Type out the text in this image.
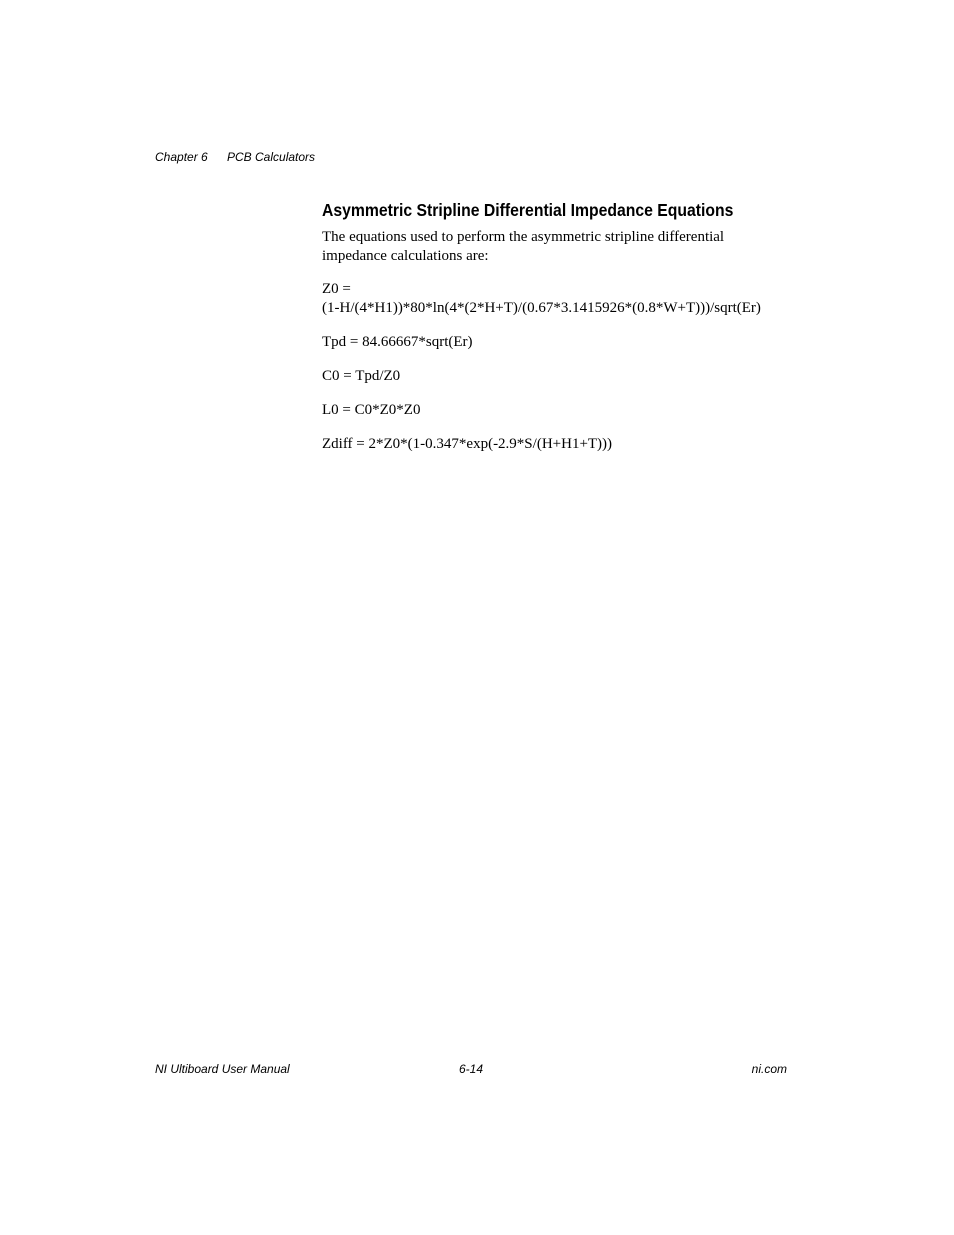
Chapter 6 PCB Calculators
Asymmetric Stripline Differential Impedance Equations

The equations used to perform the asymmetric stripline differential
impedance calculations are:

Z0 =
(1-H/(4*H1))*80*ln(4*(2*H+T)/(0.67*3.1415926*(0.8*W+T)))/sqrt(Er)

Tpd = 84.66667*sqrt(Er)

C0 = Tpd/Z0

L0 = C0*Z0*Z0

Zdiff = 2*Z0*(1-0.347*exp(-2.9*S/(H+H1+T)))

NI Ultiboard User Manual	6-14	ni.com
